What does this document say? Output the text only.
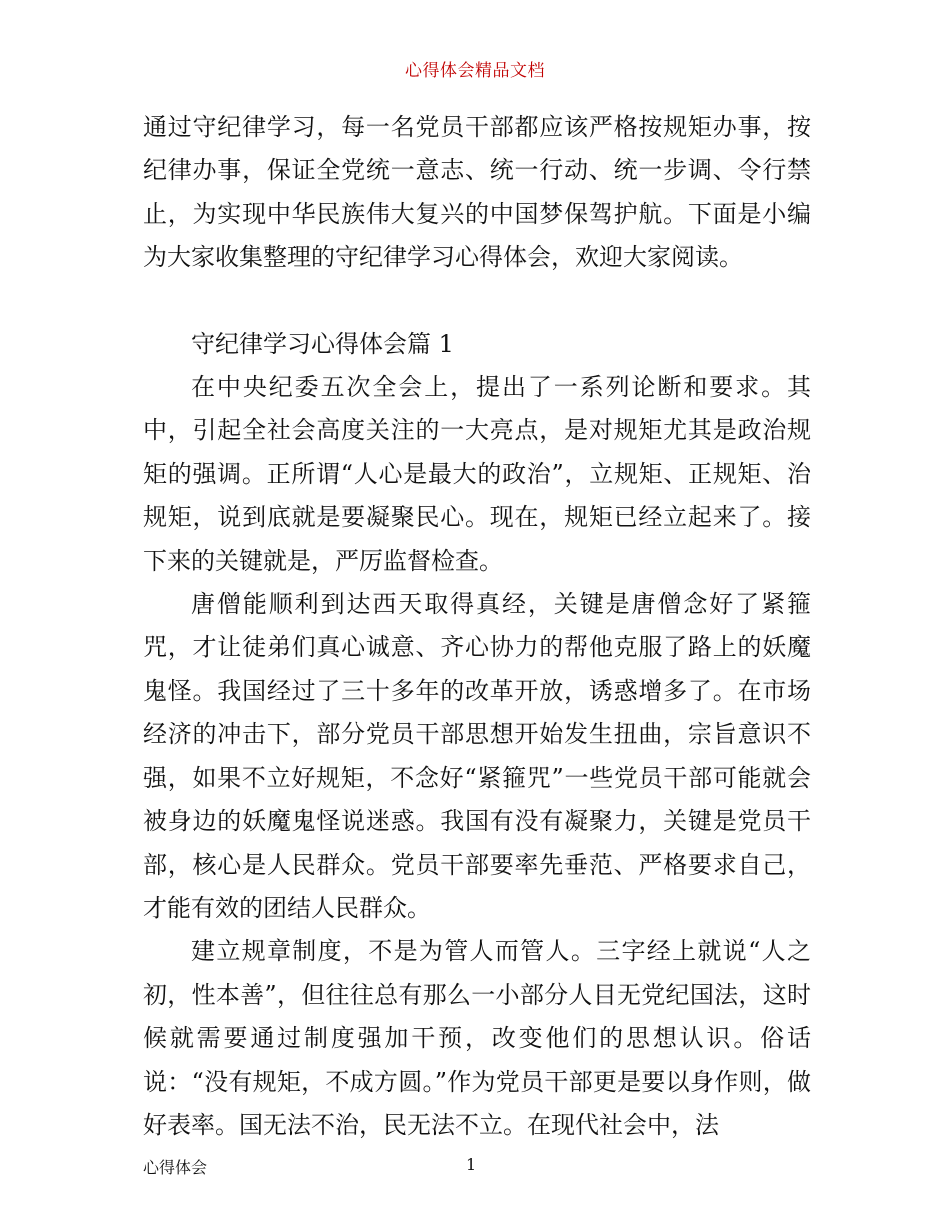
心得体会精品文档

通过守纪律学习，每一名党员干部都应该严格按规矩办事，按纪律办事，保证全党统一意志、统一行动、统一步调、令行禁止，为实现中华民族伟大复兴的中国梦保驾护航。下面是小编为大家收集整理的守纪律学习心得体会，欢迎大家阅读。

守纪律学习心得体会篇 1

在中央纪委五次全会上，提出了一系列论断和要求。其中，引起全社会高度关注的一大亮点，是对规矩尤其是政治规矩的强调。正所谓“人心是最大的政治”，立规矩、正规矩、治规矩，说到底就是要凝聚民心。现在，规矩已经立起来了。接下来的关键就是，严厉监督检查。

唐僧能顺利到达西天取得真经，关键是唐僧念好了紧箍咒，才让徒弟们真心诚意、齐心协力的帮他克服了路上的妖魔鬼怪。我国经过了三十多年的改革开放，诱惑增多了。在市场经济的冲击下，部分党员干部思想开始发生扭曲，宗旨意识不强，如果不立好规矩，不念好“紧箍咒”一些党员干部可能就会被身边的妖魔鬼怪说迷惑。我国有没有凝聚力，关键是党员干部，核心是人民群众。党员干部要率先垂范、严格要求自己，才能有效的团结人民群众。

建立规章制度，不是为管人而管人。三字经上就说“人之初，性本善”，但往往总有那么一小部分人目无党纪国法，这时候就需要通过制度强加干预，改变他们的思想认识。俗话说：“没有规矩，不成方圆。”作为党员干部更是要以身作则，做好表率。国无法不治，民无法不立。在现代社会中，法

心得体会	1
